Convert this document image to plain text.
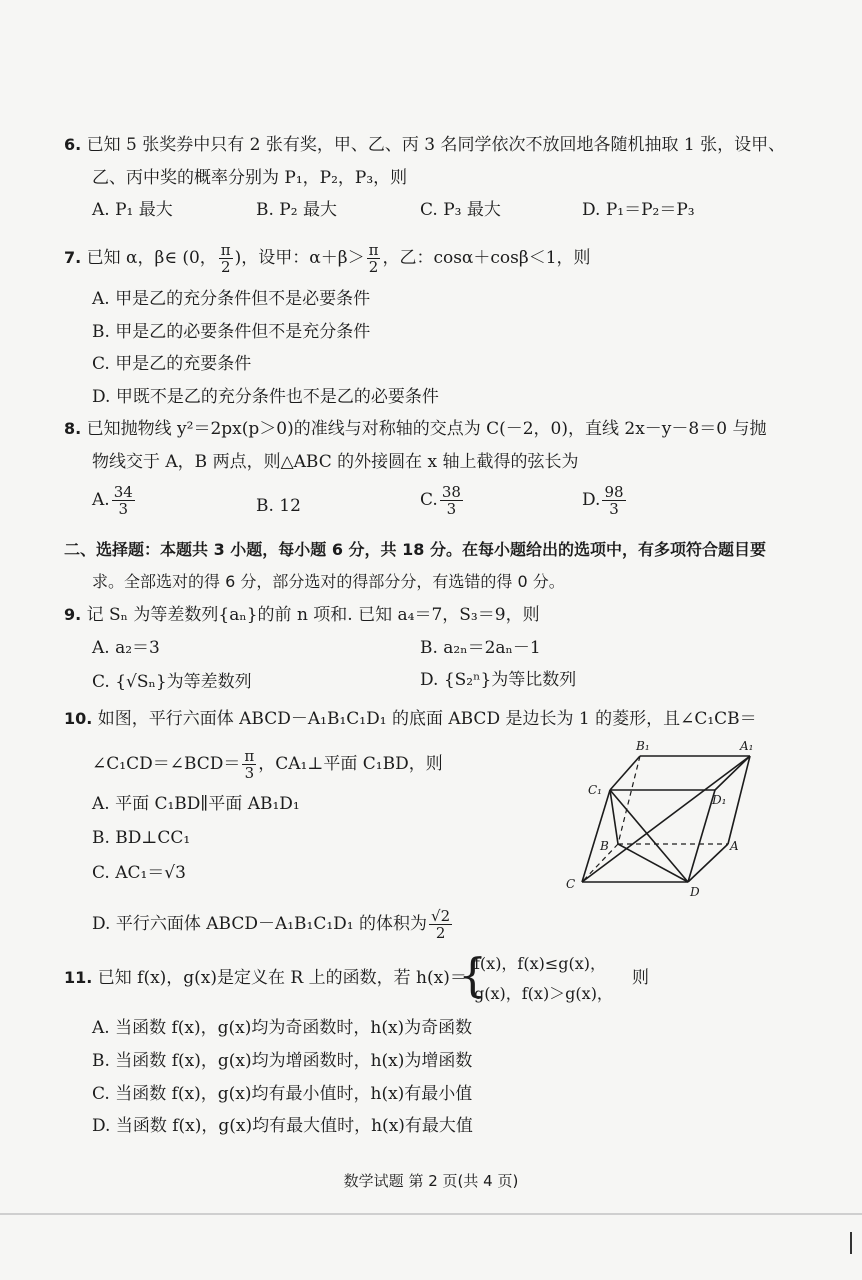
6. 已知 5 张奖券中只有 2 张有奖，甲、乙、丙 3 名同学依次不放回地各随机抽取 1 张，设甲、
乙、丙中奖的概率分别为 P₁，P₂，P₃，则
A. P₁ 最大	B. P₂ 最大	C. P₃ 最大	D. P₁＝P₂＝P₃
7. 已知 α，β∈ (0， $\frac{\pi}{2}$ )，设甲：$\alpha+\beta> \frac{\pi}{2}$ ，乙：cosα＋cosβ＜1，则
A. 甲是乙的充分条件但不是必要条件
B. 甲是乙的必要条件但不是充分条件
C. 甲是乙的充要条件
D. 甲既不是乙的充分条件也不是乙的必要条件
8. 已知抛物线 y²＝2px(p＞0)的准线与对称轴的交点为 C(－2，0)，直线 2x－y－8＝0 与抛
物线交于 A，B 两点，则△ABC 的外接圆在 x 轴上截得的弦长为
A. $\frac{34}{3}$	B. 12	C. $\frac{38}{3}$	D. $\frac{98}{3}$
二、选择题：本题共 3 小题，每小题 6 分，共 18 分。在每小题给出的选项中，有多项符合题目要
求。全部选对的得 6 分，部分选对的得部分分，有选错的得 0 分。
9. 记 Sₙ 为等差数列{aₙ}的前 n 项和. 已知 a₄＝7，S₃＝9，则
A. a₂＝3	B. a₂ₙ＝2aₙ－1
C. {√Sₙ}为等差数列	D. {S₂ⁿ}为等比数列
10. 如图，平行六面体 ABCD－A₁B₁C₁D₁ 的底面 ABCD 是边长为 1 的菱形，且∠C₁CB＝
∠C₁CD＝∠BCD＝ $\frac{\pi}{3}$ ，CA₁⊥平面 C₁BD，则
A. 平面 C₁BD∥平面 AB₁D₁
B. BD⊥CC₁
C. AC₁＝√3
D. 平行六面体 ABCD－A₁B₁C₁D₁ 的体积为 $\frac{√2}{2}$
B₁	A₁
C₁
D₁
B	A
C
D
11. 已知 f(x)，g(x)是定义在 R 上的函数，若 h(x)＝
{
f(x)，f(x)≤g(x)，
g(x)，f(x)＞g(x)，
则
A. 当函数 f(x)，g(x)均为奇函数时，h(x)为奇函数
B. 当函数 f(x)，g(x)均为增函数时，h(x)为增函数
C. 当函数 f(x)，g(x)均有最小值时，h(x)有最小值
D. 当函数 f(x)，g(x)均有最大值时，h(x)有最大值
数学试题 第 2 页(共 4 页)
